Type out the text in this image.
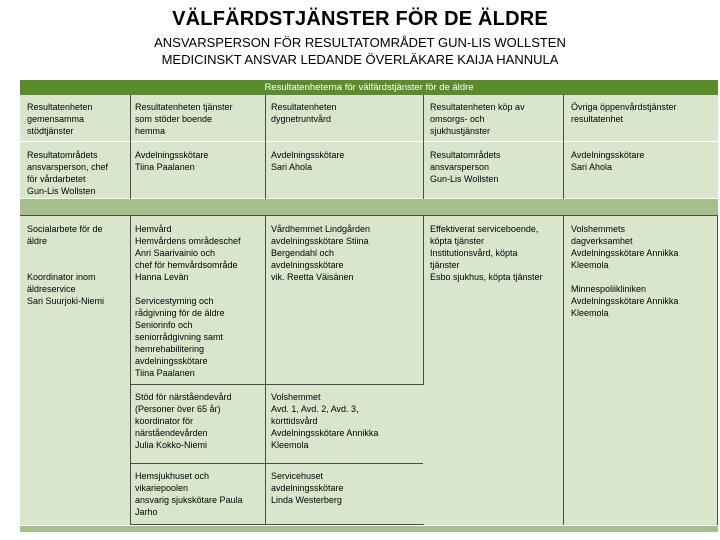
VÄLFÄRDSTJÄNSTER FÖR DE ÄLDRE
ANSVARSPERSON FÖR RESULTATOMRÅDET GUN-LIS WOLLSTEN
MEDICINSKT ANSVAR LEDANDE ÖVERLÄKARE KAIJA HANNULA
Resultatenheterna för välfärdstjänster för de äldre
Resultatenheten
gemensamma
stödtjänster
Resultatenheten tjänster
som stöder boende
hemma
Resultatenheten
dygnetruntvård
Resultatenheten köp av
omsorgs- och
sjukhustjänster
Övriga öppenvårdstjänster
resultatenhet
Resultatområdets
ansvarsperson, chef
för vårdarbetet
Gun-Lis Wollsten
Avdelningsskötare
Tiina Paalanen
Avdelningsskötare
Sari Ahola
Resultatområdets
ansvarsperson
Gun-Lis Wollsten
Avdelningsskötare
Sari Ahola
Socialarbete för de
äldre
Koordinator inom
äldreservice
Sari Suurjoki-Niemi
Hemvård
Hemvårdens områdeschef
Anri Saarivainio och
chef för hemvårdsområde
Hanna Levän
Servicestyrning och
rådgivning för de äldre
Seniorinfo och
seniorrådgivning samt
hemrehabilitering
avdelningsskötare
Tiina Paalanen
Vårdhemmet Lindgården
avdelningsskötare Stiina
Bergendahl och
avdelningsskötare
vik. Reetta Väisänen
Effektiverat serviceboende,
köpta tjänster
Institutionsvård, köpta
tjänster
Esbo sjukhus, köpta tjänster
Volshemmets
dagverksamhet
Avdelningsskötare Annikka
Kleemola
Minnespoliikliniken
Avdelningsskötare Annikka
Kleemola
Stöd för närståendevård
(Personer över 65 år)
koordinator för
närståendevården
Julia Kokko-Niemi
Volshemmet
Avd. 1, Avd. 2, Avd. 3,
korttidsvård
Avdelningsskötare Annikka
Kleemola
Hemsjukhuset och
vikariepoolen
ansvarig sjukskötare Paula
Jarho
Servicehuset
avdelningsskötare
Linda Westerberg
